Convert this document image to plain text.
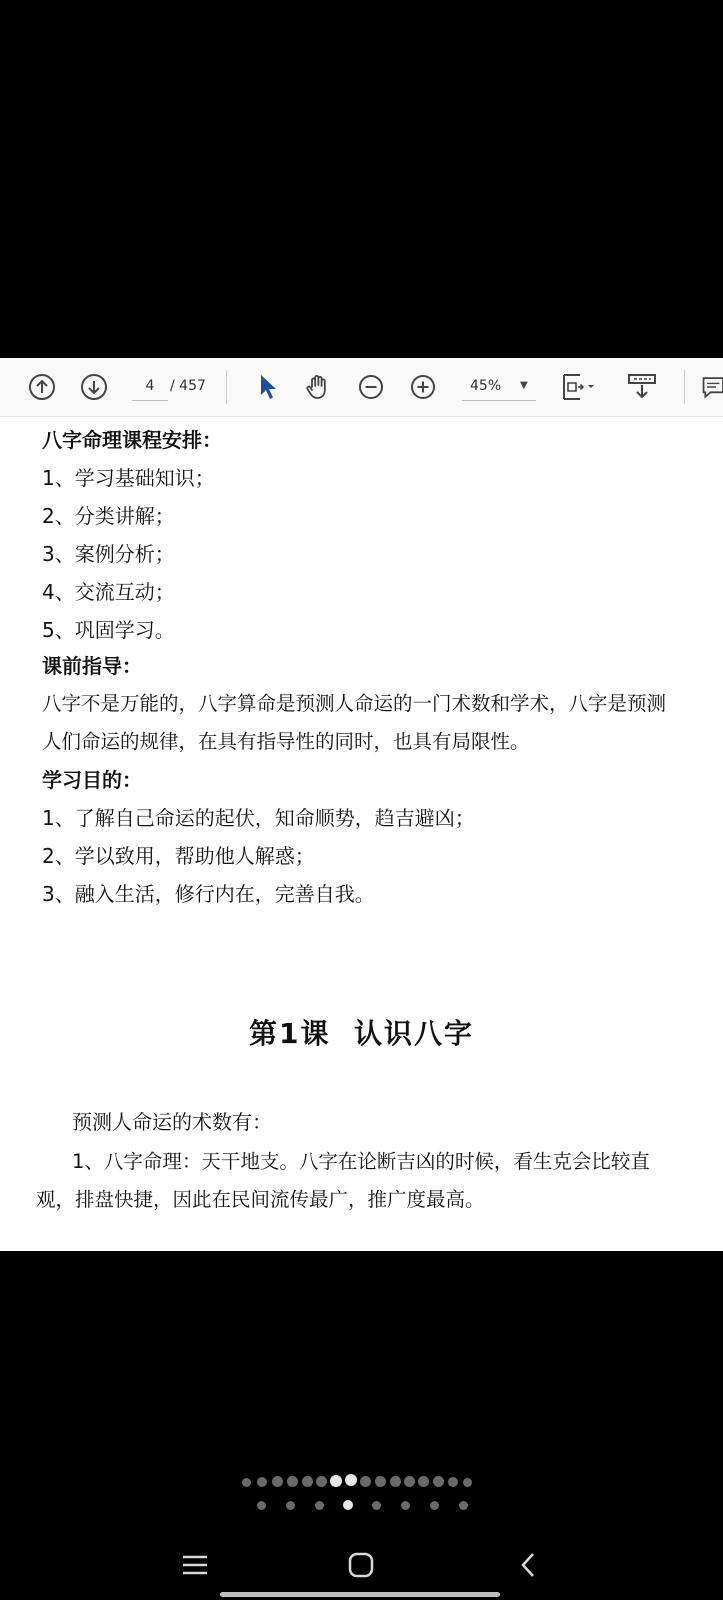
4	/ 457	45% ▼
八字命理课程安排：
1、学习基础知识；
2、分类讲解；
3、案例分析；
4、交流互动；
5、巩固学习。
课前指导：
八字不是万能的，八字算命是预测人命运的一门术数和学术，八字是预测
人们命运的规律，在具有指导性的同时，也具有局限性。
学习目的：
1、了解自己命运的起伏，知命顺势，趋吉避凶；
2、学以致用，帮助他人解惑；
3、融入生活，修行内在，完善自我。
第1课  认识八字
预测人命运的术数有：
1、八字命理：天干地支。八字在论断吉凶的时候，看生克会比较直
观，排盘快捷，因此在民间流传最广，推广度最高。
